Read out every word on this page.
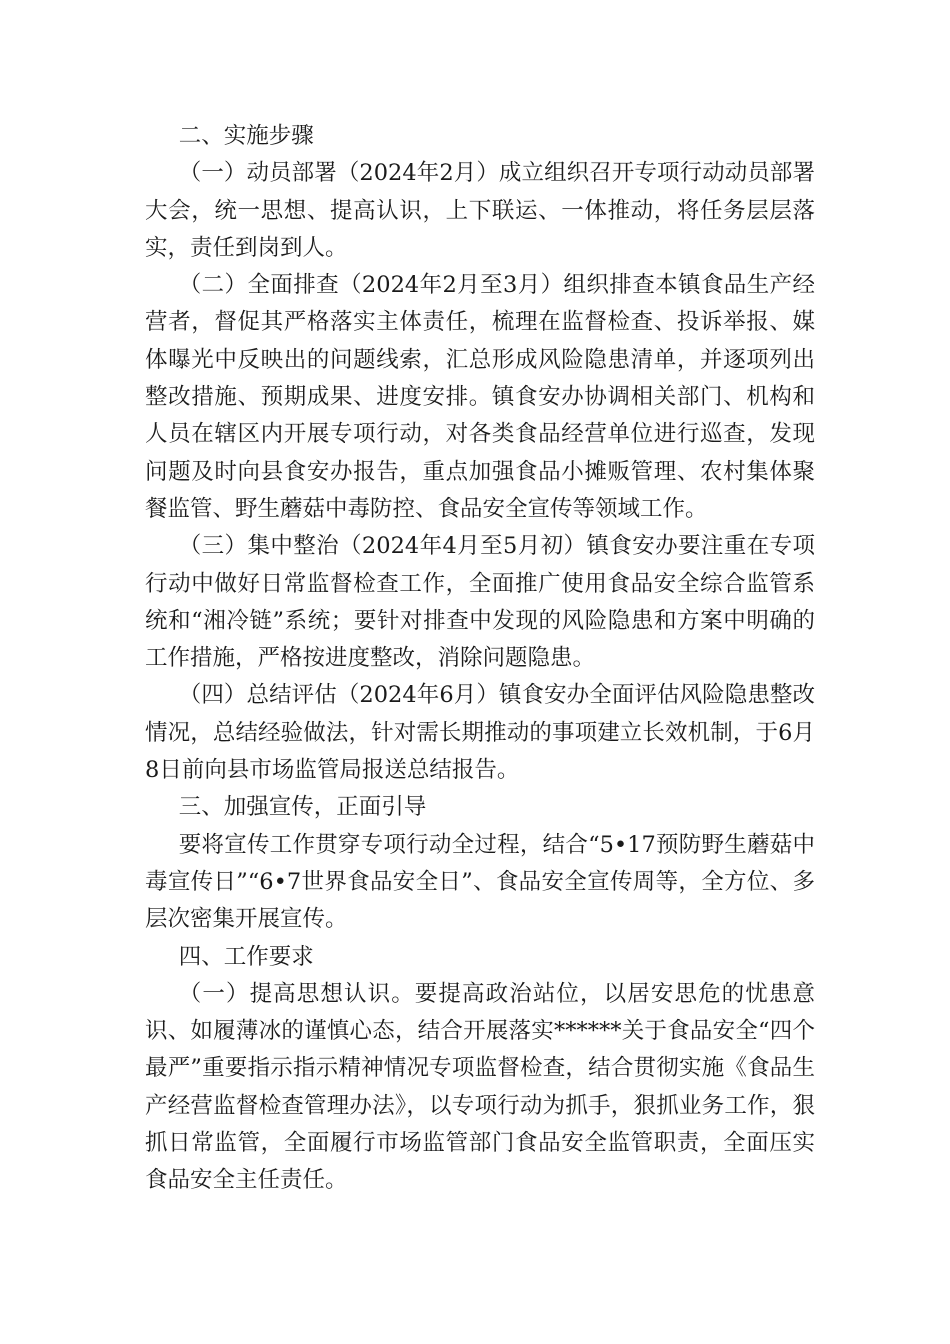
二、实施步骤

（一）动员部署（2024年2月）成立组织召开专项行动动员部署大会，统一思想、提高认识，上下联运、一体推动，将任务层层落实，责任到岗到人。

（二）全面排查（2024年2月至3月）组织排查本镇食品生产经营者，督促其严格落实主体责任，梳理在监督检查、投诉举报、媒体曝光中反映出的问题线索，汇总形成风险隐患清单，并逐项列出整改措施、预期成果、进度安排。镇食安办协调相关部门、机构和人员在辖区内开展专项行动，对各类食品经营单位进行巡查，发现问题及时向县食安办报告，重点加强食品小摊贩管理、农村集体聚餐监管、野生蘑菇中毒防控、食品安全宣传等领域工作。

（三）集中整治（2024年4月至5月初）镇食安办要注重在专项行动中做好日常监督检查工作，全面推广使用食品安全综合监管系统和“湘冷链”系统；要针对排查中发现的风险隐患和方案中明确的工作措施，严格按进度整改，消除问题隐患。

（四）总结评估（2024年6月）镇食安办全面评估风险隐患整改情况，总结经验做法，针对需长期推动的事项建立长效机制，于6月8日前向县市场监管局报送总结报告。

三、加强宣传，正面引导

要将宣传工作贯穿专项行动全过程，结合“5•17预防野生蘑菇中毒宣传日”“6•7世界食品安全日”、食品安全宣传周等，全方位、多层次密集开展宣传。

四、工作要求

（一）提高思想认识。要提高政治站位，以居安思危的忧患意识、如履薄冰的谨慎心态，结合开展落实******关于食品安全“四个最严”重要指示指示精神情况专项监督检查，结合贯彻实施《食品生产经营监督检查管理办法》，以专项行动为抓手，狠抓业务工作，狠抓日常监管，全面履行市场监管部门食品安全监管职责，全面压实食品安全主任责任。
